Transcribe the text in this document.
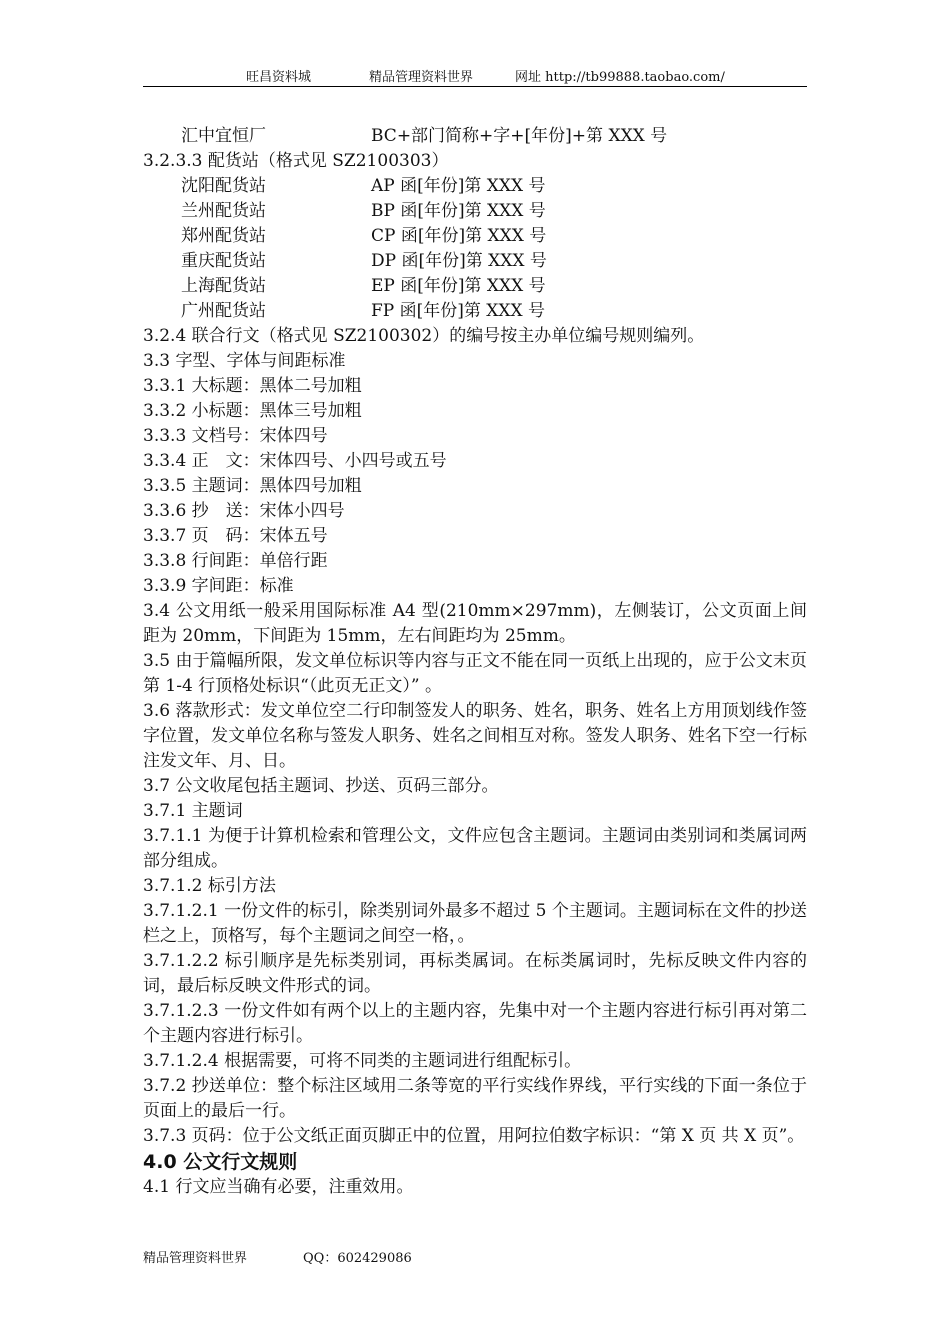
旺昌资料城	精品管理资料世界	网址 http://tb99888.taobao.com/
汇中宜恒厂	BC+部门简称+字+[年份]+第 XXX 号
3.2.3.3 配货站（格式见 SZ2100303）
沈阳配货站	AP 函[年份]第 XXX 号
兰州配货站	BP 函[年份]第 XXX 号
郑州配货站	CP 函[年份]第 XXX 号
重庆配货站	DP 函[年份]第 XXX 号
上海配货站	EP 函[年份]第 XXX 号
广州配货站	FP 函[年份]第 XXX 号
3.2.4 联合行文（格式见 SZ2100302）的编号按主办单位编号规则编列。
3.3 字型、字体与间距标准
3.3.1 大标题：黑体二号加粗
3.3.2 小标题：黑体三号加粗
3.3.3 文档号：宋体四号
3.3.4 正　文：宋体四号、小四号或五号
3.3.5 主题词：黑体四号加粗
3.3.6 抄　送：宋体小四号
3.3.7 页　码：宋体五号
3.3.8 行间距：单倍行距
3.3.9 字间距：标准
3.4 公文用纸一般采用国际标准 A4 型(210mm×297mm)，左侧装订，公文页面上间距为 20mm，下间距为 15mm，左右间距均为 25mm。
3.5 由于篇幅所限，发文单位标识等内容与正文不能在同一页纸上出现的，应于公文末页第 1-4 行顶格处标识“（此页无正文）” 。
3.6 落款形式：发文单位空二行印制签发人的职务、姓名，职务、姓名上方用顶划线作签字位置，发文单位名称与签发人职务、姓名之间相互对称。签发人职务、姓名下空一行标注发文年、月、日。
3.7 公文收尾包括主题词、抄送、页码三部分。
3.7.1 主题词
3.7.1.1 为便于计算机检索和管理公文，文件应包含主题词。主题词由类别词和类属词两部分组成。
3.7.1.2 标引方法
3.7.1.2.1 一份文件的标引，除类别词外最多不超过 5 个主题词。主题词标在文件的抄送栏之上，顶格写，每个主题词之间空一格，。
3.7.1.2.2 标引顺序是先标类别词，再标类属词。在标类属词时，先标反映文件内容的词，最后标反映文件形式的词。
3.7.1.2.3 一份文件如有两个以上的主题内容，先集中对一个主题内容进行标引再对第二个主题内容进行标引。
3.7.1.2.4 根据需要，可将不同类的主题词进行组配标引。
3.7.2 抄送单位：整个标注区域用二条等宽的平行实线作界线，平行实线的下面一条位于页面上的最后一行。
3.7.3 页码：位于公文纸正面页脚正中的位置，用阿拉伯数字标识：“第 X 页 共 X 页”。
4.0 公文行文规则
4.1 行文应当确有必要，注重效用。
精品管理资料世界	QQ：602429086
